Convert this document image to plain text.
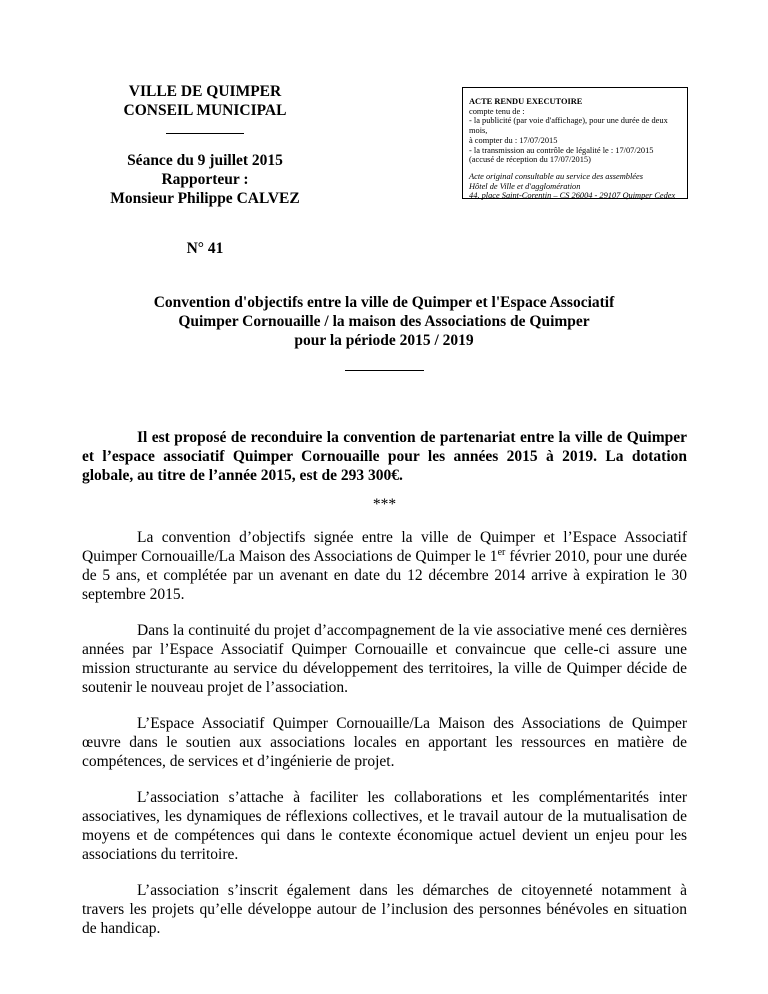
VILLE DE QUIMPER
CONSEIL MUNICIPAL
Séance du 9 juillet 2015
Rapporteur :
Monsieur Philippe CALVEZ
N° 41
ACTE RENDU EXECUTOIRE
compte tenu de :
- la publicité (par voie d'affichage), pour une durée de deux mois,
à compter du : 17/07/2015
- la transmission au contrôle de légalité le : 17/07/2015
(accusé de réception du 17/07/2015)
Acte original consultable au service des assemblées
Hôtel de Ville et d'agglomération
44, place Saint-Corentin – CS 26004 - 29107 Quimper Cedex
Convention d'objectifs entre la ville de Quimper et l'Espace Associatif
Quimper Cornouaille / la maison des Associations de Quimper
pour la période 2015 / 2019

Il est proposé de reconduire la convention de partenariat entre la ville de Quimper et l’espace associatif Quimper Cornouaille pour les années 2015 à 2019. La dotation globale, au titre de l’année 2015, est de 293 300€.

***

La convention d’objectifs signée entre la ville de Quimper et l’Espace Associatif Quimper Cornouaille/La Maison des Associations de Quimper le 1er février 2010, pour une durée de 5 ans, et complétée par un avenant en date du 12 décembre 2014 arrive à expiration le 30 septembre 2015.

Dans la continuité du projet d’accompagnement de la vie associative mené ces dernières années par l’Espace Associatif Quimper Cornouaille et convaincue que celle-ci assure une mission structurante au service du développement des territoires, la ville de Quimper décide de soutenir le nouveau projet de l’association.

L’Espace Associatif Quimper Cornouaille/La Maison des Associations de Quimper œuvre dans le soutien aux associations locales en apportant les ressources en matière de compétences, de services et d’ingénierie de projet.

L’association s’attache à faciliter les collaborations et les complémentarités inter associatives, les dynamiques de réflexions collectives, et le travail autour de la mutualisation de moyens et de compétences qui dans le contexte économique actuel devient un enjeu pour les associations du territoire.

L’association s’inscrit également dans les démarches de citoyenneté notamment à travers les projets qu’elle développe autour de l’inclusion des personnes bénévoles en situation de handicap.
